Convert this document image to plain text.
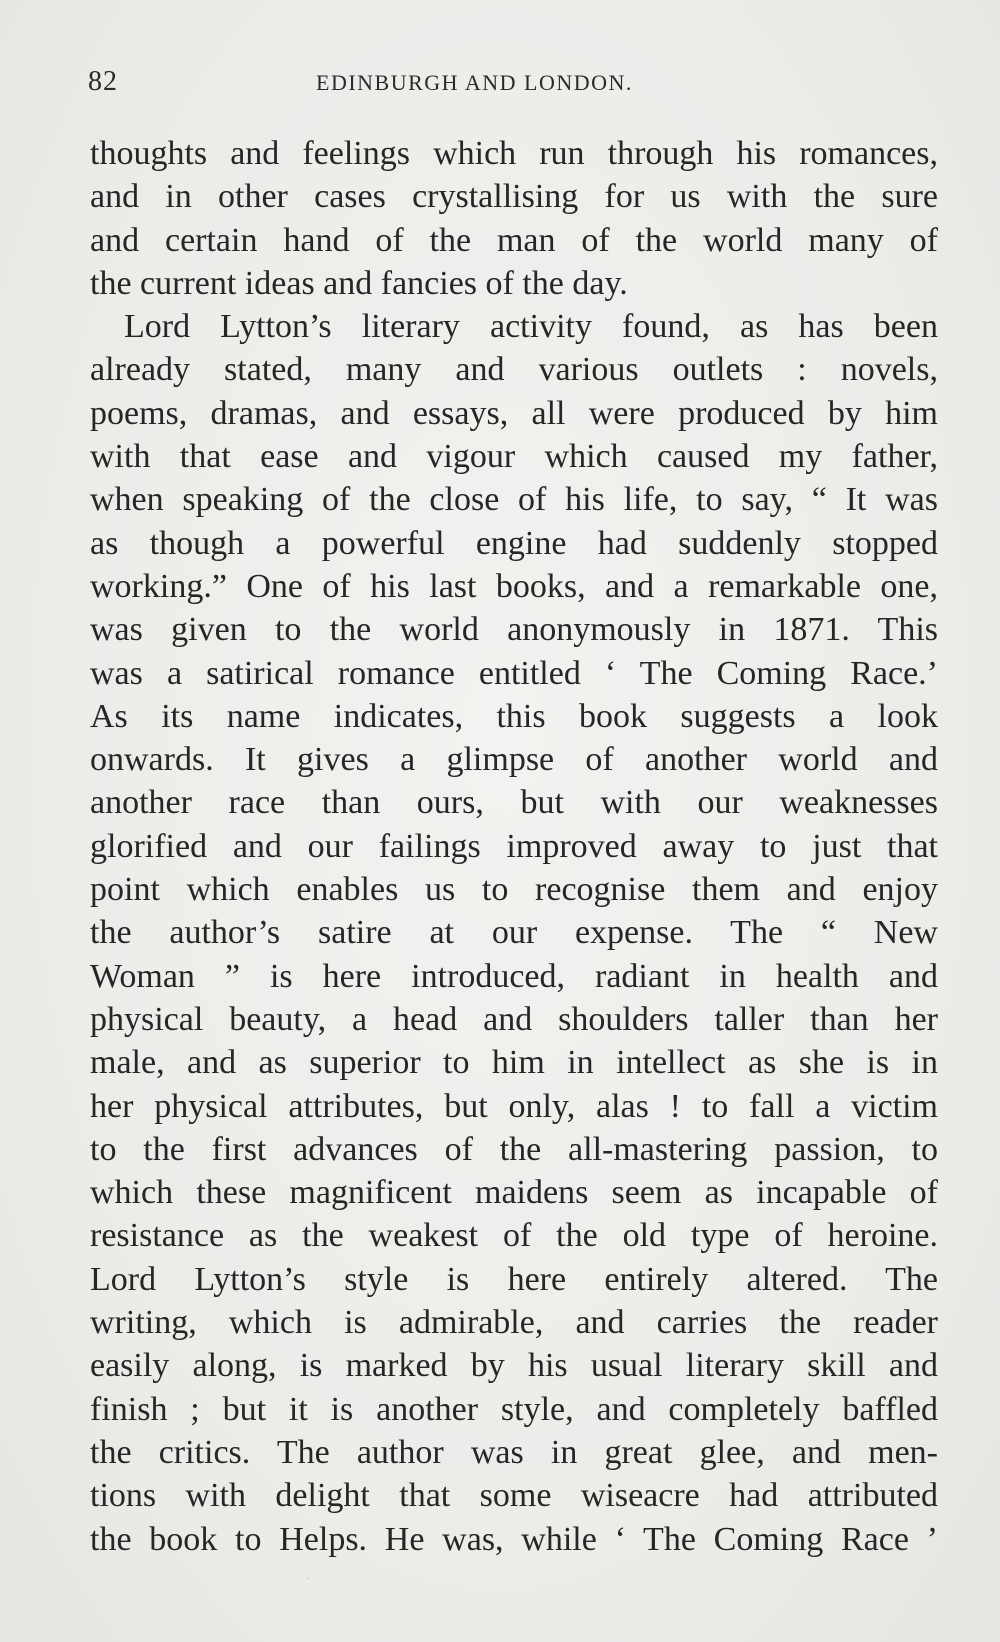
82	EDINBURGH AND LONDON.
thoughts and feelings which run through his romances,
and in other cases crystallising for us with the sure
and certain hand of the man of the world many of
the current ideas and fancies of the day.
Lord Lytton’s literary activity found, as has been
already stated, many and various outlets : novels,
poems, dramas, and essays, all were produced by him
with that ease and vigour which caused my father,
when speaking of the close of his life, to say, “ It was
as though a powerful engine had suddenly stopped
working.” One of his last books, and a remarkable one,
was given to the world anonymously in 1871. This
was a satirical romance entitled ‘ The Coming Race.’
As its name indicates, this book suggests a look
onwards. It gives a glimpse of another world and
another race than ours, but with our weaknesses
glorified and our failings improved away to just that
point which enables us to recognise them and enjoy
the author’s satire at our expense. The “ New
Woman ” is here introduced, radiant in health and
physical beauty, a head and shoulders taller than her
male, and as superior to him in intellect as she is in
her physical attributes, but only, alas ! to fall a victim
to the first advances of the all-mastering passion, to
which these magnificent maidens seem as incapable of
resistance as the weakest of the old type of heroine.
Lord Lytton’s style is here entirely altered. The
writing, which is admirable, and carries the reader
easily along, is marked by his usual literary skill and
finish ; but it is another style, and completely baffled
the critics. The author was in great glee, and men-
tions with delight that some wiseacre had attributed
the book to Helps. He was, while ‘ The Coming Race ’
·
